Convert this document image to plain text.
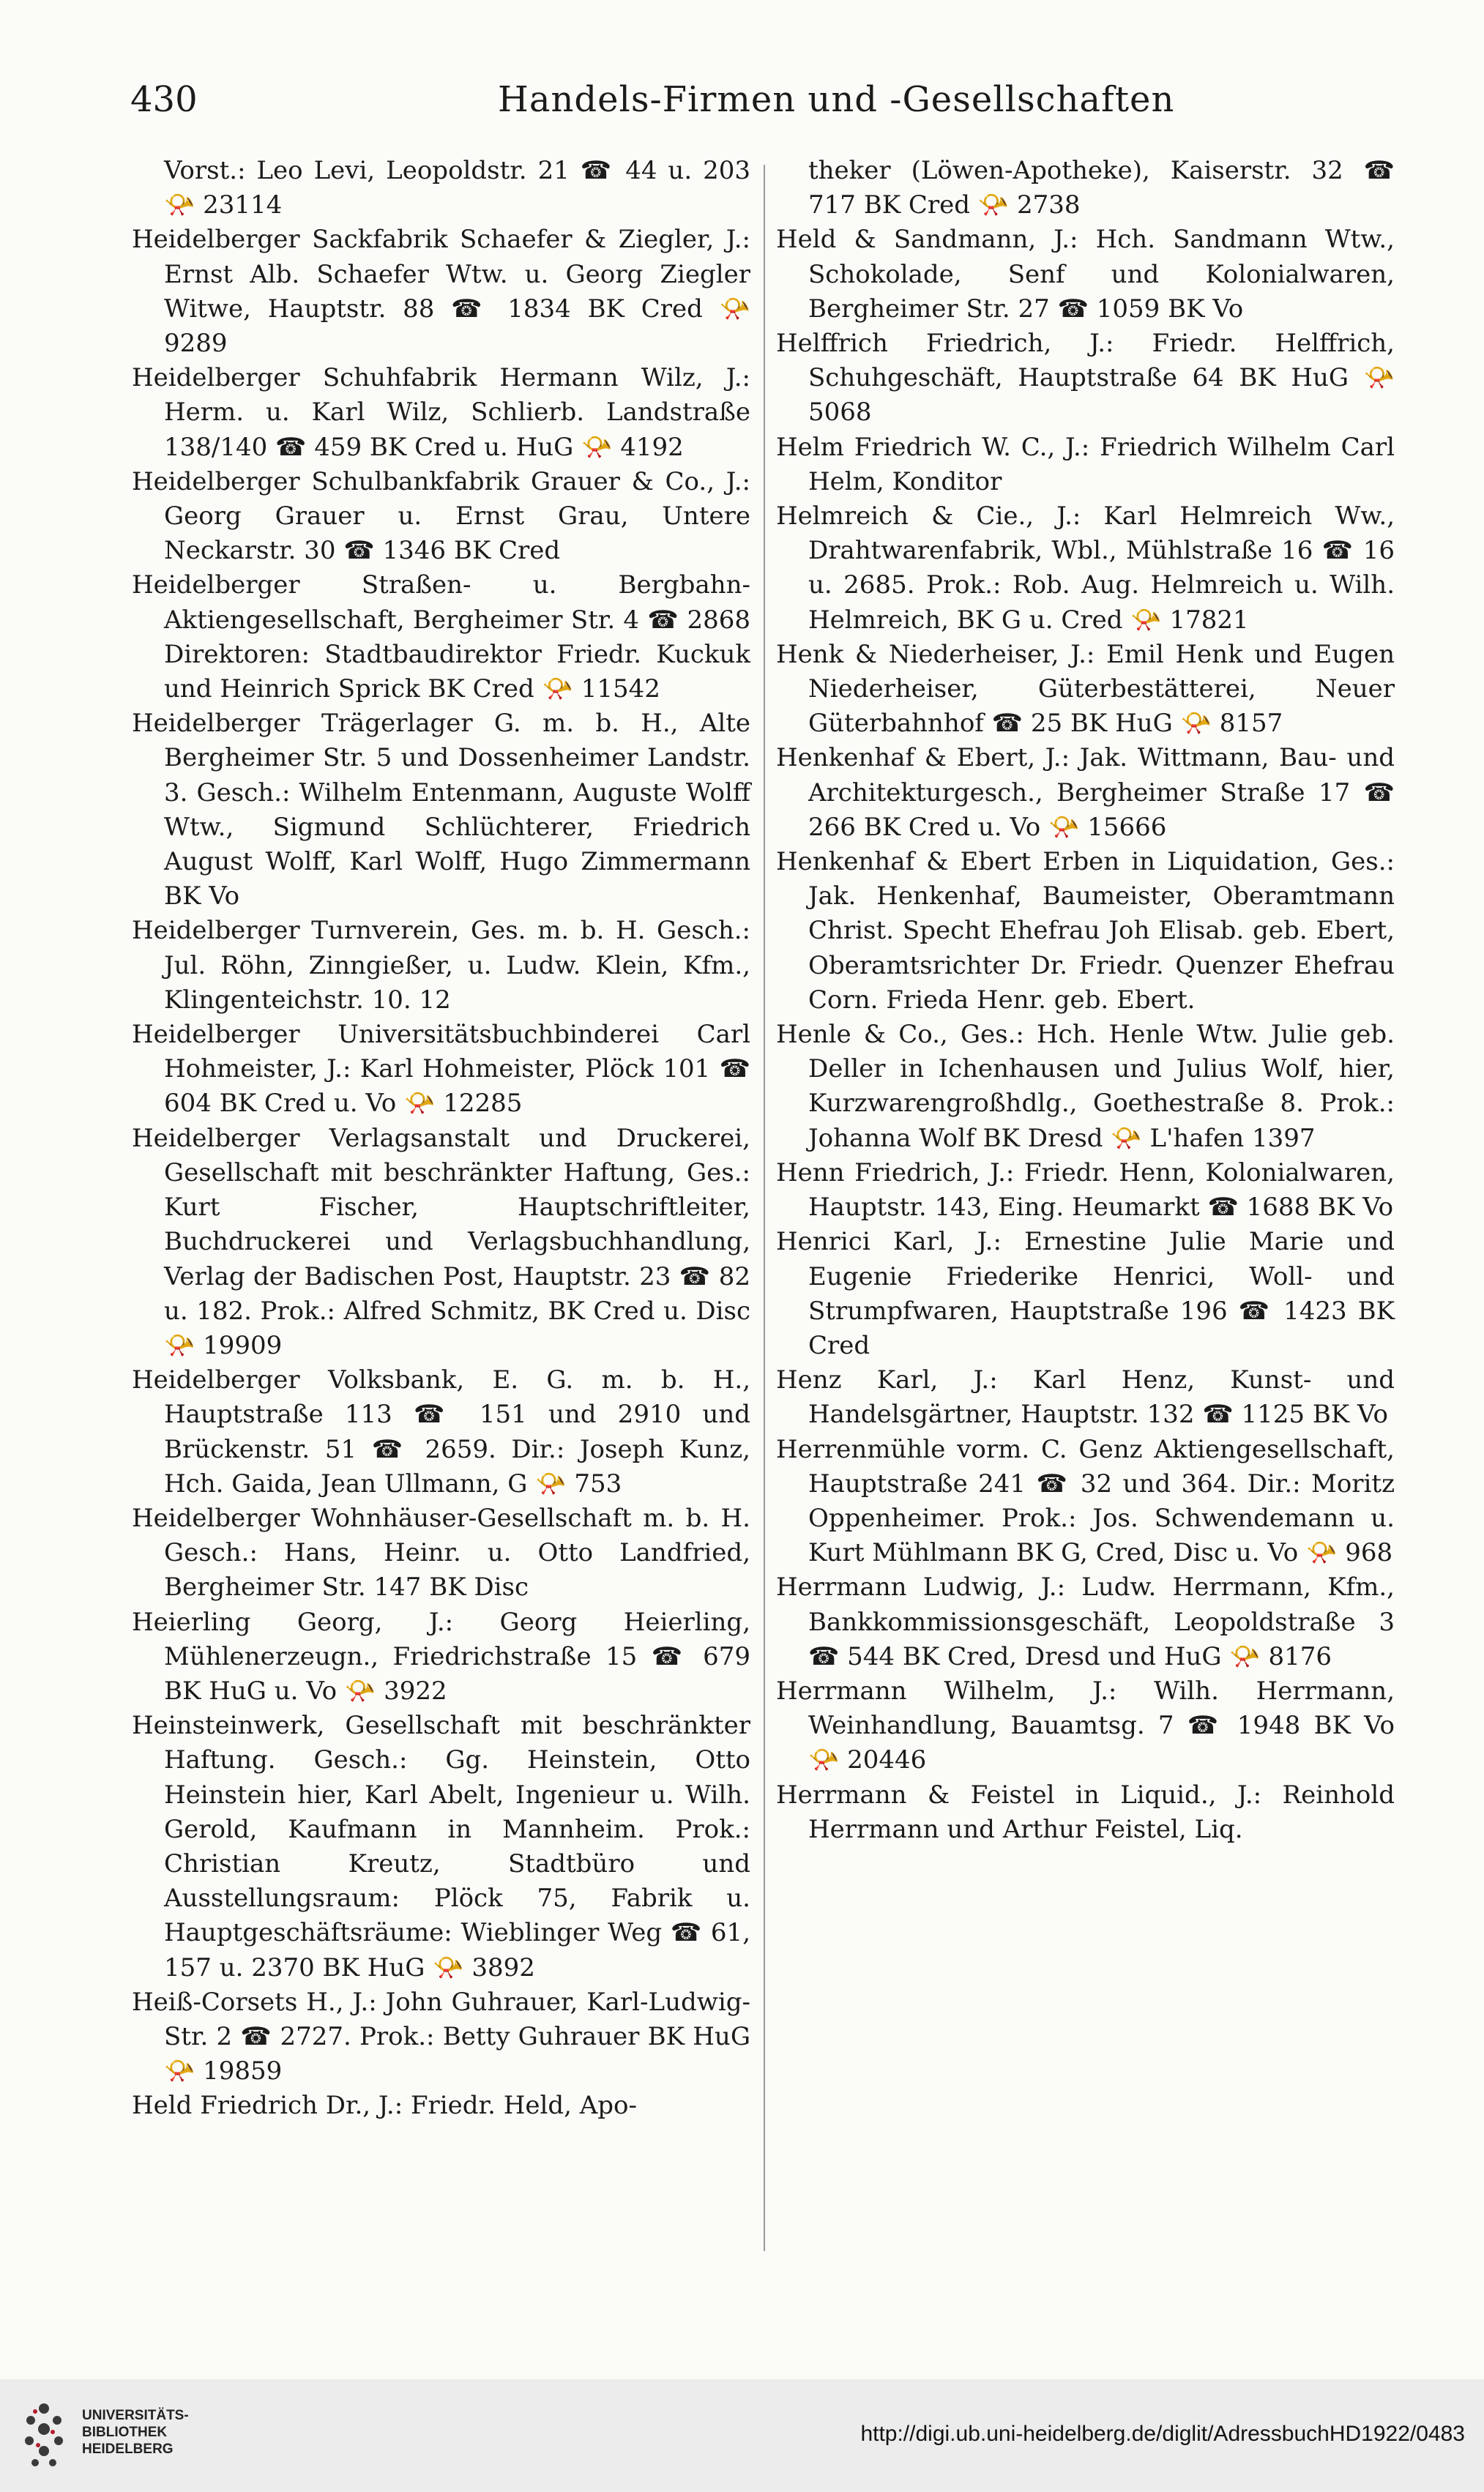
430	Handels-Firmen und -Gesellschaften

Vorst.: Leo Levi, Leopoldstr. 21 ☎ 44 u. 203 📯 23114

Heidelberger Sackfabrik Schaefer & Ziegler, J.: Ernst Alb. Schaefer Wtw. u. Georg Ziegler Witwe, Hauptstr. 88 ☎ 1834 BK Cred 📯 9289

Heidelberger Schuhfabrik Hermann Wilz, J.: Herm. u. Karl Wilz, Schlierb. Landstraße 138/140 ☎ 459 BK Cred u. HuG 📯 4192

Heidelberger Schulbankfabrik Grauer & Co., J.: Georg Grauer u. Ernst Grau, Untere Neckarstr. 30 ☎ 1346 BK Cred

Heidelberger Straßen- u. Bergbahn-Aktiengesellschaft, Bergheimer Str. 4 ☎ 2868 Direktoren: Stadtbaudirektor Friedr. Kuckuk und Heinrich Sprick BK Cred 📯 11542

Heidelberger Trägerlager G. m. b. H., Alte Bergheimer Str. 5 und Dossenheimer Landstr. 3. Gesch.: Wilhelm Entenmann, Auguste Wolff Wtw., Sigmund Schlüchterer, Friedrich August Wolff, Karl Wolff, Hugo Zimmermann BK Vo

Heidelberger Turnverein, Ges. m. b. H. Gesch.: Jul. Röhn, Zinngießer, u. Ludw. Klein, Kfm., Klingenteichstr. 10. 12

Heidelberger Universitätsbuchbinderei Carl Hohmeister, J.: Karl Hohmeister, Plöck 101 ☎ 604 BK Cred u. Vo 📯 12285

Heidelberger Verlagsanstalt und Druckerei, Gesellschaft mit beschränkter Haftung, Ges.: Kurt Fischer, Hauptschriftleiter, Buchdruckerei und Verlagsbuchhandlung, Verlag der Badischen Post, Hauptstr. 23 ☎ 82 u. 182. Prok.: Alfred Schmitz, BK Cred u. Disc 📯 19909

Heidelberger Volksbank, E. G. m. b. H., Hauptstraße 113 ☎ 151 und 2910 und Brückenstr. 51 ☎ 2659. Dir.: Joseph Kunz, Hch. Gaida, Jean Ullmann, G 📯 753

Heidelberger Wohnhäuser-Gesellschaft m. b. H. Gesch.: Hans, Heinr. u. Otto Landfried, Bergheimer Str. 147 BK Disc

Heierling Georg, J.: Georg Heierling, Mühlenerzeugn., Friedrichstraße 15 ☎ 679 BK HuG u. Vo 📯 3922

Heinsteinwerk, Gesellschaft mit beschränkter Haftung. Gesch.: Gg. Heinstein, Otto Heinstein hier, Karl Abelt, Ingenieur u. Wilh. Gerold, Kaufmann in Mannheim. Prok.: Christian Kreutz, Stadtbüro und Ausstellungsraum: Plöck 75, Fabrik u. Hauptgeschäftsräume: Wieblinger Weg ☎ 61, 157 u. 2370 BK HuG 📯 3892

Heiß-Corsets H., J.: John Guhrauer, Karl-Ludwig-Str. 2 ☎ 2727. Prok.: Betty Guhrauer BK HuG 📯 19859

Held Friedrich Dr., J.: Friedr. Held, Apo-

theker (Löwen-Apotheke), Kaiserstr. 32 ☎ 717 BK Cred 📯 2738

Held & Sandmann, J.: Hch. Sandmann Wtw., Schokolade, Senf und Kolonialwaren, Bergheimer Str. 27 ☎ 1059 BK Vo

Helffrich Friedrich, J.: Friedr. Helffrich, Schuhgeschäft, Hauptstraße 64 BK HuG 📯 5068

Helm Friedrich W. C., J.: Friedrich Wilhelm Carl Helm, Konditor

Helmreich & Cie., J.: Karl Helmreich Ww., Drahtwarenfabrik, Wbl., Mühlstraße 16 ☎ 16 u. 2685. Prok.: Rob. Aug. Helmreich u. Wilh. Helmreich, BK G u. Cred 📯 17821

Henk & Niederheiser, J.: Emil Henk und Eugen Niederheiser, Güterbestätterei, Neuer Güterbahnhof ☎ 25 BK HuG 📯 8157

Henkenhaf & Ebert, J.: Jak. Wittmann, Bau- und Architekturgesch., Bergheimer Straße 17 ☎ 266 BK Cred u. Vo 📯 15666

Henkenhaf & Ebert Erben in Liquidation, Ges.: Jak. Henkenhaf, Baumeister, Oberamtmann Christ. Specht Ehefrau Joh Elisab. geb. Ebert, Oberamtsrichter Dr. Friedr. Quenzer Ehefrau Corn. Frieda Henr. geb. Ebert.

Henle & Co., Ges.: Hch. Henle Wtw. Julie geb. Deller in Ichenhausen und Julius Wolf, hier, Kurzwarengroßhdlg., Goethestraße 8. Prok.: Johanna Wolf BK Dresd 📯 L'hafen 1397

Henn Friedrich, J.: Friedr. Henn, Kolonialwaren, Hauptstr. 143, Eing. Heumarkt ☎ 1688 BK Vo

Henrici Karl, J.: Ernestine Julie Marie und Eugenie Friederike Henrici, Woll- und Strumpfwaren, Hauptstraße 196 ☎ 1423 BK Cred

Henz Karl, J.: Karl Henz, Kunst- und Handelsgärtner, Hauptstr. 132 ☎ 1125 BK Vo

Herrenmühle vorm. C. Genz Aktiengesellschaft, Hauptstraße 241 ☎ 32 und 364. Dir.: Moritz Oppenheimer. Prok.: Jos. Schwendemann u. Kurt Mühlmann BK G, Cred, Disc u. Vo 📯 968

Herrmann Ludwig, J.: Ludw. Herrmann, Kfm., Bankkommissionsgeschäft, Leopoldstraße 3 ☎ 544 BK Cred, Dresd und HuG 📯 8176

Herrmann Wilhelm, J.: Wilh. Herrmann, Weinhandlung, Bauamtsg. 7 ☎ 1948 BK Vo 📯 20446

Herrmann & Feistel in Liquid., J.: Reinhold Herrmann und Arthur Feistel, Liq.

UNIVERSITÄTS-
BIBLIOTHEK
HEIDELBERG
http://digi.ub.uni-heidelberg.de/diglit/AdressbuchHD1922/0483
